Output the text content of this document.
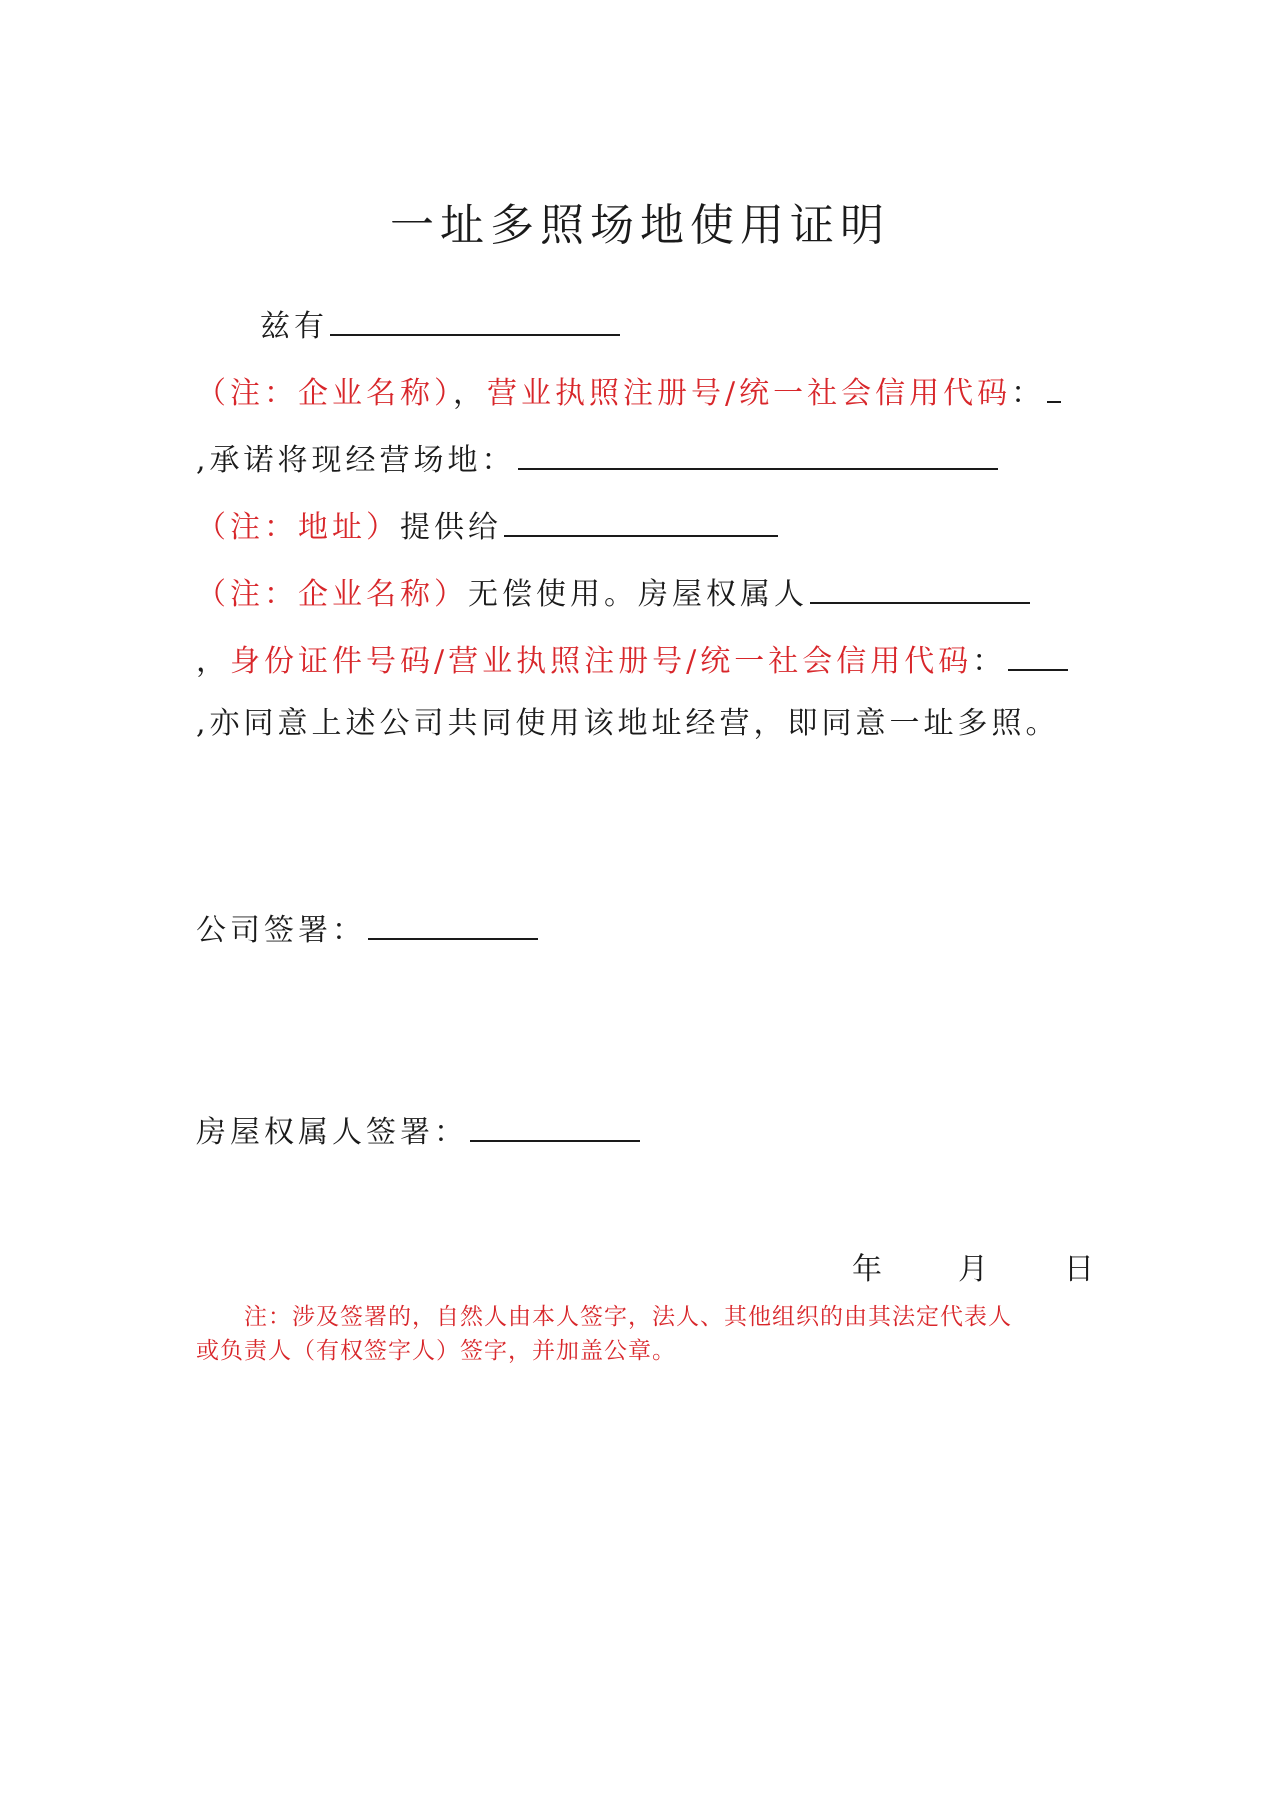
一址多照场地使用证明
兹有
（注：企业名称），营业执照注册号/统一社会信用代码：
,承诺将现经营场地：
（注：地址）提供给
（注：企业名称）无偿使用。房屋权属人
，身份证件号码/营业执照注册号/统一社会信用代码：
,亦同意上述公司共同使用该地址经营，即同意一址多照。
公司签署：
房屋权属人签署：
年	月	日
注：涉及签署的，自然人由本人签字，法人、其他组织的由其法定代表人
或负责人（有权签字人）签字，并加盖公章。
